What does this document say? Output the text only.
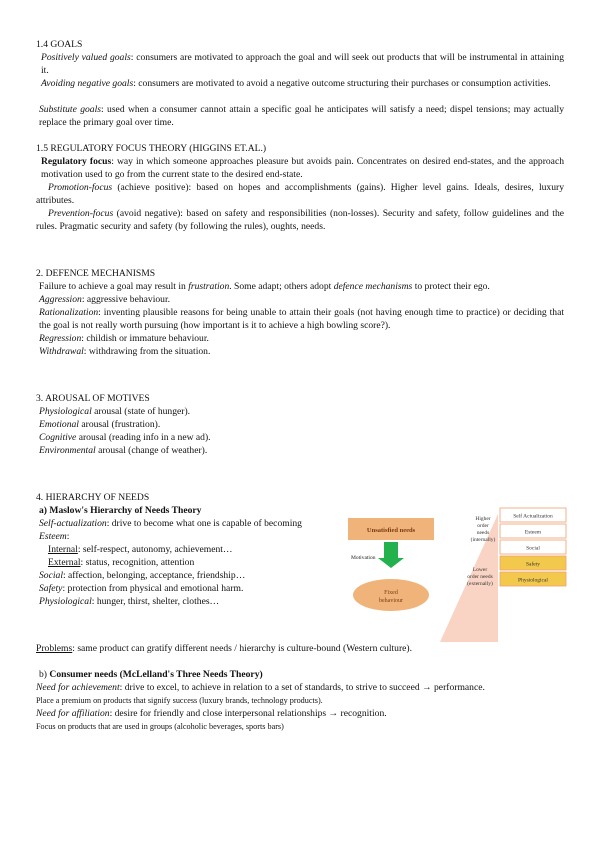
1.4 GOALS
Positively valued goals: consumers are motivated to approach the goal and will seek out products that will be instrumental in attaining it.
Avoiding negative goals: consumers are motivated to avoid a negative outcome structuring their purchases or consumption activities.
Substitute goals: used when a consumer cannot attain a specific goal he anticipates will satisfy a need; dispel tensions; may actually replace the primary goal over time.
1.5 REGULATORY FOCUS THEORY (HIGGINS ET.AL.)
Regulatory focus: way in which someone approaches pleasure but avoids pain. Concentrates on desired end-states, and the approach motivation used to go from the current state to the desired end-state.
Promotion-focus (achieve positive): based on hopes and accomplishments (gains). Higher level gains. Ideals, desires, luxury attributes.
Prevention-focus (avoid negative): based on safety and responsibilities (non-losses). Security and safety, follow guidelines and the rules. Pragmatic security and safety (by following the rules), oughts, needs.
2. DEFENCE MECHANISMS
Failure to achieve a goal may result in frustration. Some adapt; others adopt defence mechanisms to protect their ego.
Aggression: aggressive behaviour.
Rationalization: inventing plausible reasons for being unable to attain their goals (not having enough time to practice) or deciding that the goal is not really worth pursuing (how important is it to achieve a high bowling score?).
Regression: childish or immature behaviour.
Withdrawal: withdrawing from the situation.
3. AROUSAL OF MOTIVES
Physiological arousal (state of hunger).
Emotional arousal (frustration).
Cognitive arousal (reading info in a new ad).
Environmental arousal (change of weather).
4. HIERARCHY OF NEEDS
a) Maslow's Hierarchy of Needs Theory
Self-actualization: drive to become what one is capable of becoming
Esteem:
Internal: self-respect, autonomy, achievement…
External: status, recognition, attention
Social: affection, belonging, acceptance, friendship…
Safety: protection from physical and emotional harm.
Physiological: hunger, thirst, shelter, clothes…
Unsatisfied needs
Motivation
Fixed
behaviour
Higher
order
needs
(internally)
Lower
order needs
(externally)
Self Actualization
Esteem
Social
Safety
Physiological
Problems: same product can gratify different needs / hierarchy is culture-bound (Western culture).
b) Consumer needs (McLelland's Three Needs Theory)
Need for achievement: drive to excel, to achieve in relation to a set of standards, to strive to succeed → performance.
Place a premium on products that signify success (luxury brands, technology products).
Need for affiliation: desire for friendly and close interpersonal relationships → recognition.
Focus on products that are used in groups (alcoholic beverages, sports bars)
